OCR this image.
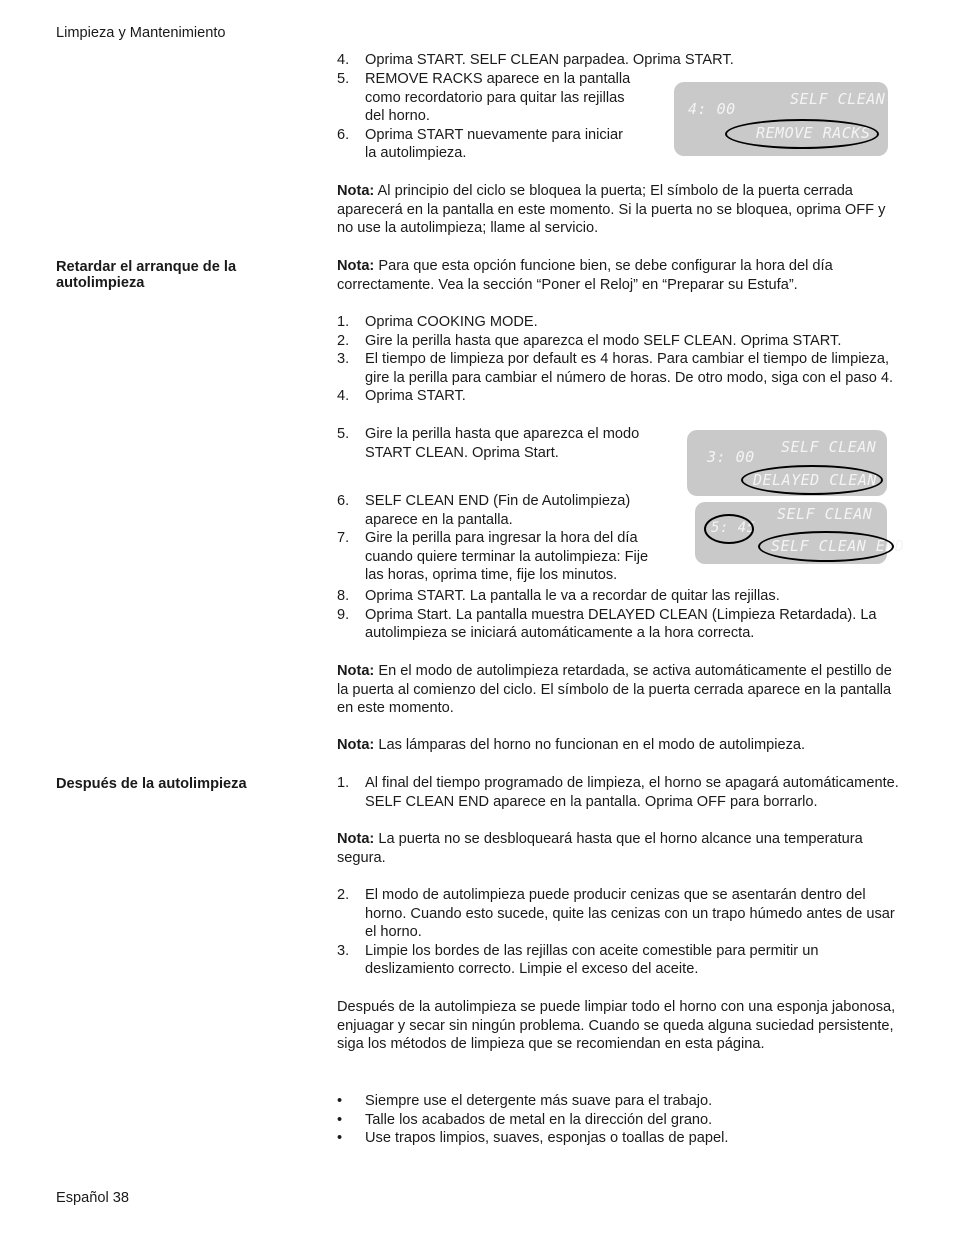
Limpieza y Mantenimiento
Español 38
4. Oprima START. SELF CLEAN parpadea. Oprima START.
5. REMOVE RACKS aparece en la pantalla como recordatorio para quitar las rejillas del horno.
6. Oprima START nuevamente para iniciar la autolimpieza.
4: 00
SELF CLEAN
REMOVE RACKS
Nota: Al principio del ciclo se bloquea la puerta; El símbolo de la puerta cerrada aparecerá en la pantalla en este momento. Si la puerta no se bloquea, oprima OFF y no use la autolimpieza; llame al servicio.
Retardar el arranque de la autolimpieza
Nota: Para que esta opción funcione bien, se debe configurar la hora del día correctamente. Vea la sección “Poner el Reloj” en “Preparar su Estufa”.
1. Oprima COOKING MODE.
2. Gire la perilla hasta que aparezca el modo SELF CLEAN. Oprima START.
3. El tiempo de limpieza por default es 4 horas. Para cambiar el tiempo de limpieza, gire la perilla para cambiar el número de horas. De otro modo, siga con el paso 4.
4. Oprima START.
5. Gire la perilla hasta que aparezca el modo START CLEAN. Oprima Start.
6. SELF CLEAN END (Fin de Autolimpieza) aparece en la pantalla.
7. Gire la perilla para ingresar la hora del día cuando quiere terminar la autolimpieza: Fije las horas, oprima time, fije los minutos.
8. Oprima START. La pantalla le va a recordar de quitar las rejillas.
9. Oprima Start. La pantalla muestra DELAYED CLEAN (Limpieza Retardada). La autolimpieza se iniciará automáticamente a la hora correcta.
3: 00
SELF CLEAN
DELAYED CLEAN
5: 45
SELF CLEAN
SELF CLEAN END
Nota: En el modo de autolimpieza retardada, se activa automáticamente el pestillo de la puerta al comienzo del ciclo. El símbolo de la puerta cerrada aparece en la pantalla en este momento.
Nota: Las lámparas del horno no funcionan en el modo de autolimpieza.
Después de la autolimpieza	1. Al final del tiempo programado de limpieza, el horno se apagará automáticamente. SELF CLEAN END aparece en la pantalla. Oprima OFF para borrarlo.
Nota: La puerta no se desbloqueará hasta que el horno alcance una temperatura segura.
2. El modo de autolimpieza puede producir cenizas que se asentarán dentro del horno. Cuando esto sucede, quite las cenizas con un trapo húmedo antes de usar el horno.
3. Limpie los bordes de las rejillas con aceite comestible para permitir un deslizamiento correcto. Limpie el exceso del aceite.
Después de la autolimpieza se puede limpiar todo el horno con una esponja jabonosa, enjuagar y secar sin ningún problema. Cuando se queda alguna suciedad persistente, siga los métodos de limpieza que se recomiendan en esta página.
• Siempre use el detergente más suave para el trabajo.
• Talle los acabados de metal en la dirección del grano.
• Use trapos limpios, suaves, esponjas o toallas de papel.
